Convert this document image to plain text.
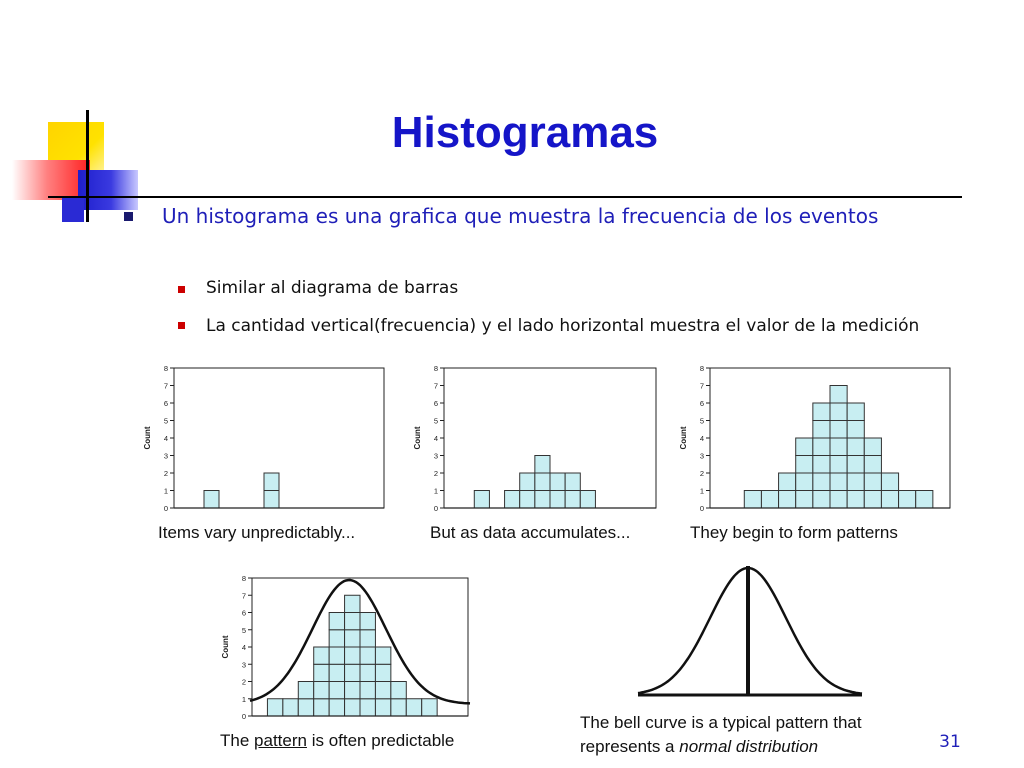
Histogramas

Un histograma es una grafica que muestra la frecuencia de los eventos

Similar al diagrama de barras

La cantidad vertical(frecuencia) y el lado horizontal muestra el valor de la medición

0
1
2
3
4
5
6
7
8
Count
0
1
2
3
4
5
6
7
8
Count
0
1
2
3
4
5
6
7
8
Count
0
1
2
3
4
5
6
7
8
Count

Items vary unpredictably...	But as data accumulates...	They begin to form patterns

The pattern is often predictable

The bell curve is a typical pattern that
represents a normal distribution	31
